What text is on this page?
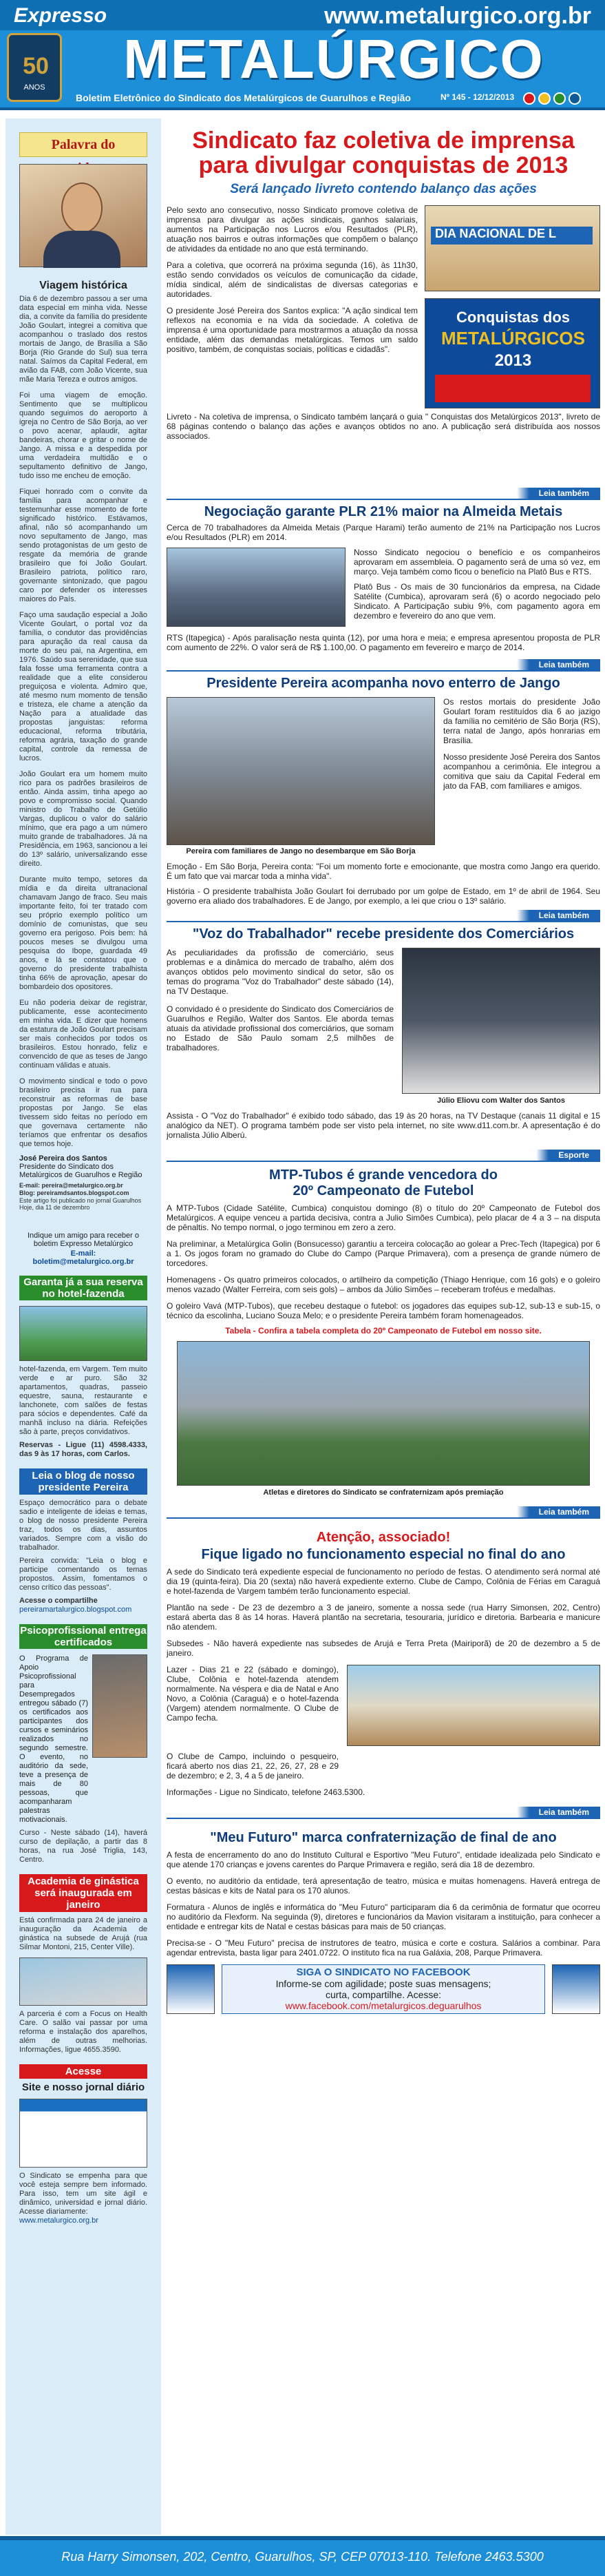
Expresso	www.metalurgico.org.br
50
ANOS	METALÚRGICO
Boletim Eletrônico do Sindicato dos Metalúrgicos de Guarulhos e Região	Nº 145 - 12/12/2013
Palavra do
Viagem histórica
Dia 6 de dezembro passou a ser uma data especial em minha vida. Nesse dia, a convite da família do presidente João Goulart, integrei a comitiva que acompanhou o traslado dos restos mortais de Jango, de Brasília a São Borja (Rio Grande do Sul) sua terra natal. Saímos da Capital Federal, em avião da FAB, com João Vicente, sua mãe Maria Tereza e outros amigos.
Foi uma viagem de emoção. Sentimento que se multiplicou quando seguimos do aeroporto à igreja no Centro de São Borja, ao ver o povo acenar, aplaudir, agitar bandeiras, chorar e gritar o nome de Jango. A missa e a despedida por uma verdadeira multidão e o sepultamento definitivo de Jango, tudo isso me encheu de emoção.
Fiquei honrado com o convite da família para acompanhar e testemunhar esse momento de forte significado histórico. Estávamos, afinal, não só acompanhando um novo sepultamento de Jango, mas sendo protagonistas de um gesto de resgate da memória de grande brasileiro que foi João Goulart. Brasileiro patriota, político raro, governante sintonizado, que pagou caro por defender os interesses maiores do País.
Faço uma saudação especial a João Vicente Goulart, o portal voz da família, o condutor das providências para apuração da real causa da morte do seu pai, na Argentina, em 1976. Saúdo sua serenidade, que sua fala fosse uma ferramenta contra a realidade que a elite considerou preguiçosa e violenta. Admiro que, até mesmo num momento de tensão e tristeza, ele chame a atenção da Nação para a atualidade das propostas janguistas: reforma educacional, reforma tributária, reforma agrária, taxação do grande capital, controle da remessa de lucros.
João Goulart era um homem muito rico para os padrões brasileiros de então. Ainda assim, tinha apego ao povo e compromisso social. Quando ministro do Trabalho de Getúlio Vargas, duplicou o valor do salário mínimo, que era pago a um número muito grande de trabalhadores. Já na Presidência, em 1963, sancionou a lei do 13º salário, universalizando esse direito.
Durante muito tempo, setores da mídia e da direita ultranacional chamavam Jango de fraco. Seu mais importante feito, foi ter tratado com seu próprio exemplo político um domínio de comunistas, que seu governo era perigoso. Pois bem: há poucos meses se divulgou uma pesquisa do Ibope, guardada 49 anos, e lá se constatou que o governo do presidente trabalhista tinha 66% de aprovação, apesar do bombardeio dos opositores.
Eu não poderia deixar de registrar, publicamente, esse acontecimento em minha vida. E dizer que homens da estatura de João Goulart precisam ser mais conhecidos por todos os brasileiros. Estou honrado, feliz e convencido de que as teses de Jango continuam válidas e atuais.
O movimento sindical e todo o povo brasileiro precisa ir rua para reconstruir as reformas de base propostas por Jango. Se elas tivessem sido feitas no período em que governava certamente não teríamos que enfrentar os desafios que temos hoje.
José Pereira dos Santos
Presidente do Sindicato dos Metalúrgicos de Guarulhos e Região
E-mail: pereira@metalurgico.org.br
Blog: pereiramdsantos.blogspot.com
Este artigo foi publicado no jornal Guarulhos Hoje, dia 11 de dezembro
Indique um amigo para receber o boletim Expresso Metalúrgico
E-mail: boletim@metalurgico.org.br
Garanta já a sua reserva no hotel-fazenda
hotel-fazenda, em Vargem. Tem muito verde e ar puro. São 32 apartamentos, quadras, passeio equestre, sauna, restaurante e lanchonete, com salões de festas para sócios e dependentes. Café da manhã incluso na diária. Refeições são à parte, preços convidativos.
Reservas - Ligue (11) 4598.4333, das 9 às 17 horas, com Carlos.
Leia o blog de nosso presidente Pereira
Espaço democrático para o debate sadio e inteligente de ideias e temas, o blog de nosso presidente Pereira traz, todos os dias, assuntos variados. Sempre com a visão do trabalhador.
Pereira convida: "Leia o blog e participe comentando os temas propostos. Assim, fomentamos o censo crítico das pessoas".
Acesse o compartilhe
pereiramartalurgico.blogspot.com
Psicoprofissional entrega certificados
O Programa de Apoio Psicoprofissional para Desempregados entregou sábado (7) os certificados aos participantes dos cursos e seminários realizados no segundo semestre. O evento, no auditório da sede, teve a presença de mais de 80 pessoas, que acompanharam palestras motivacionais.
Curso - Neste sábado (14), haverá curso de depilação, a partir das 8 horas, na rua José Triglia, 143, Centro.
Academia de ginástica será inaugurada em janeiro
Está confirmada para 24 de janeiro a inauguração da Academia de ginástica na subsede de Arujá (rua Silmar Montoni, 215, Center Ville).
A parceria é com a Focus on Health Care. O salão vai passar por uma reforma e instalação dos aparelhos, além de outras melhorias. Informações, ligue 4655.3590.
Acesse
Site e nosso jornal diário
O Sindicato se empenha para que você esteja sempre bem informado. Para isso, tem um site ágil e dinâmico, universidad e jornal diário. Acesse diariamente:
www.metalurgico.org.br
Sindicato faz coletiva de imprensa
para divulgar conquistas de 2013
Será lançado livreto contendo balanço das ações

Pelo sexto ano consecutivo, nosso Sindicato promove coletiva de imprensa para divulgar as ações sindicais, ganhos salariais, aumentos na Participação nos Lucros e/ou Resultados (PLR), atuação nos bairros e outras informações que compõem o balanço de atividades da entidade no ano que está terminando.

Para a coletiva, que ocorrerá na próxima segunda (16), às 11h30, estão sendo convidados os veículos de comunicação da cidade, mídia sindical, além de sindicalistas de diversas categorias e autoridades.

O presidente José Pereira dos Santos explica: "A ação sindical tem reflexos na economia e na vida da sociedade. A coletiva de imprensa é uma oportunidade para mostrarmos a atuação da nossa entidade, além das demandas metalúrgicas. Temos um saldo positivo, também, de conquistas sociais, políticas e cidadãs".

DIA NACIONAL DE L
Conquistas dos
METALÚRGICOS
2013

Livreto - Na coletiva de imprensa, o Sindicato também lançará o guia " Conquistas dos Metalúrgicos 2013", livreto de 68 páginas contendo o balanço das ações e avanços obtidos no ano. A publicação será distribuída aos nossos associados.

Leia também
Negociação garante PLR 21% maior na Almeida Metais

Cerca de 70 trabalhadores da Almeida Metais (Parque Harami) terão aumento de 21% na Participação nos Lucros e/ou Resultados (PLR) em 2014.

Nosso Sindicato negociou o benefício e os companheiros aprovaram em assembleia. O pagamento será de uma só vez, em março. Veja também como ficou o benefício na Platô Bus e RTS.

Platô Bus - Os mais de 30 funcionários da empresa, na Cidade Satélite (Cumbica), aprovaram será (6) o acordo negociado pelo Sindicato. A Participação subiu 9%, com pagamento agora em dezembro e fevereiro do ano que vem.

RTS (Itapegica) - Após paralisação nesta quinta (12), por uma hora e meia; e empresa apresentou proposta de PLR com aumento de 22%. O valor será de R$ 1.100,00. O pagamento em fevereiro e março de 2014.

Leia também
Presidente Pereira acompanha novo enterro de Jango
Pereira com familiares de Jango no desembarque em São Borja

Os restos mortais do presidente João Goulart foram restituídos dia 6 ao jazigo da família no cemitério de São Borja (RS), terra natal de Jango, após honrarias em Brasília.

Nosso presidente José Pereira dos Santos acompanhou a cerimônia. Ele integrou a comitiva que saiu da Capital Federal em jato da FAB, com familiares e amigos.

Emoção - Em São Borja, Pereira conta: "Foi um momento forte e emocionante, que mostra como Jango era querido. É um fato que vai marcar toda a minha vida".

História - O presidente trabalhista João Goulart foi derrubado por um golpe de Estado, em 1º de abril de 1964. Seu governo era aliado dos trabalhadores. E de Jango, por exemplo, a lei que criou o 13º salário.

Leia também
"Voz do Trabalhador" recebe presidente dos Comerciários

As peculiaridades da profissão de comerciário, seus problemas e a dinâmica do mercado de trabalho, além dos avanços obtidos pelo movimento sindical do setor, são os temas do programa "Voz do Trabalhador" deste sábado (14), na TV Destaque.

O convidado é o presidente do Sindicato dos Comerciários de Guarulhos e Região, Walter dos Santos. Ele aborda temas atuais da atividade profissional dos comerciários, que somam no Estado de São Paulo somam 2,5 milhões de trabalhadores.

Júlio Eliovu com Walter dos Santos

Assista - O "Voz do Trabalhador" é exibido todo sábado, das 19 às 20 horas, na TV Destaque (canais 11 digital e 15 analógico da NET). O programa também pode ser visto pela internet, no site www.d11.com.br. A apresentação é do jornalista Júlio Alberú.

Esporte
MTP-Tubos é grande vencedora do
20º Campeonato de Futebol

A MTP-Tubos (Cidade Satélite, Cumbica) conquistou domingo (8) o título do 20º Campeonato de Futebol dos Metalúrgicos. A equipe venceu a partida decisiva, contra a Julio Simões Cumbica), pelo placar de 4 a 3 – na disputa de pênaltis. No tempo normal, o jogo terminou em zero a zero.

Na preliminar, a Metalúrgica Golin (Bonsucesso) garantiu a terceira colocação ao golear a Prec-Tech (Itapegica) por 6 a 1. Os jogos foram no gramado do Clube do Campo (Parque Primavera), com a presença de grande número de torcedores.

Homenagens - Os quatro primeiros colocados, o artilheiro da competição (Thiago Henrique, com 16 gols) e o goleiro menos vazado (Walter Ferreira, com seis gols) – ambos da Júlio Simões – receberam troféus e medalhas.

O goleiro Vavá (MTP-Tubos), que recebeu destaque o futebol: os jogadores das equipes sub-12, sub-13 e sub-15, o técnico da escolinha, Luciano Souza Melo; e o presidente Pereira também foram homenageados.

Tabela - Confira a tabela completa do 20º Campeonato de Futebol em nosso site.

Atletas e diretores do Sindicato se confraternizam após premiação
Leia também
Atenção, associado!
Fique ligado no funcionamento especial no final do ano

A sede do Sindicato terá expediente especial de funcionamento no período de festas. O atendimento será normal até dia 19 (quinta-feira). Dia 20 (sexta) não haverá expediente externo. Clube de Campo, Colônia de Férias em Caraguá e hotel-fazenda de Vargem também terão funcionamento especial.

Plantão na sede - De 23 de dezembro a 3 de janeiro, somente a nossa sede (rua Harry Simonsen, 202, Centro) estará aberta das 8 às 14 horas. Haverá plantão na secretaria, tesouraria, jurídico e diretoria. Barbearia e manicure não atendem.

Subsedes - Não haverá expediente nas subsedes de Arujá e Terra Preta (Mairiporã) de 20 de dezembro a 5 de janeiro.

Lazer - Dias 21 e 22 (sábado e domingo), Clube, Colônia e hotel-fazenda atendem normalmente. Na véspera e dia de Natal e Ano Novo, a Colônia (Caraguá) e o hotel-fazenda (Vargem) atendem normalmente. O Clube de Campo fecha.

O Clube de Campo, incluindo o pesqueiro, ficará aberto nos dias 21, 22, 26, 27, 28 e 29 de dezembro; e 2, 3, 4 a 5 de janeiro.

Informações - Ligue no Sindicato, telefone 2463.5300.

Leia também
"Meu Futuro" marca confraternização de final de ano

A festa de encerramento do ano do Instituto Cultural e Esportivo "Meu Futuro", entidade idealizada pelo Sindicato e que atende 170 crianças e jovens carentes do Parque Primavera e região, será dia 18 de dezembro.

O evento, no auditório da entidade, terá apresentação de teatro, música e muitas homenagens. Haverá entrega de cestas básicas e kits de Natal para os 170 alunos.

Formatura - Alunos de inglês e informática do "Meu Futuro" participaram dia 6 da cerimônia de formatur que ocorreu no auditório da Flexform. Na seguinda (9), diretores e funcionários da Mavion visitaram a instituição, para conhecer a entidade e entregar kits de Natal e cestas básicas para mais de 50 crianças.

Precisa-se - O "Meu Futuro" precisa de instrutores de teatro, música e corte e costura. Salários a combinar. Para agendar entrevista, basta ligar para 2401.0722. O instituto fica na rua Galáxia, 208, Parque Primavera.

SIGA O SINDICATO NO FACEBOOK
Informe-se com agilidade; poste suas mensagens;
curta, compartilhe. Acesse:
www.facebook.com/metalurgicos.deguarulhos
Rua Harry Simonsen, 202, Centro, Guarulhos, SP, CEP 07013-110. Telefone 2463.5300
